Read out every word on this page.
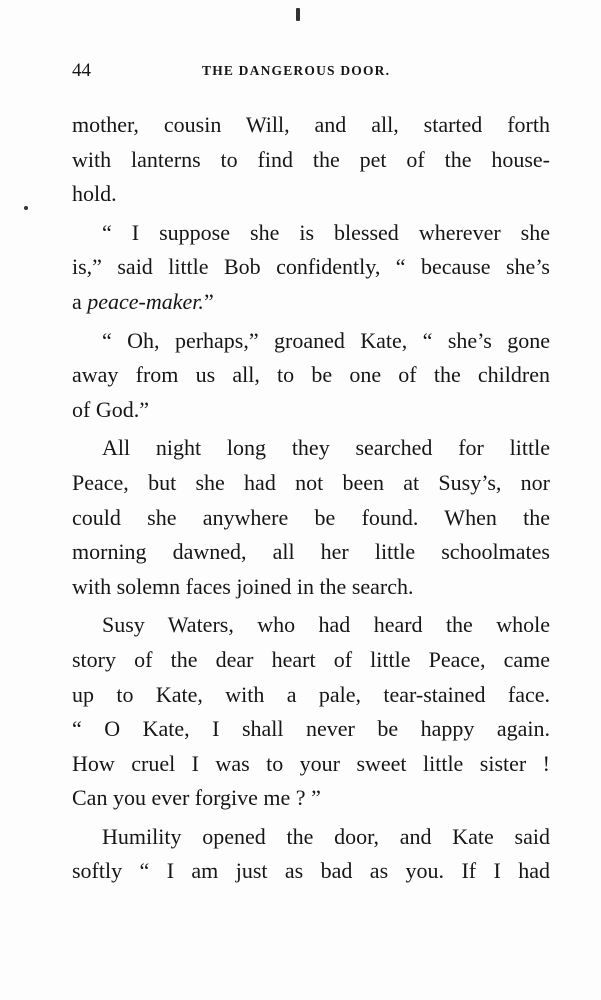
44	THE DANGEROUS DOOR.
mother, cousin Will, and all, started forth
with lanterns to find the pet of the house-
hold.
“ I suppose she is blessed wherever she
is,” said little Bob confidently, “ because she’s
a peace-maker.”
“ Oh, perhaps,” groaned Kate, “ she’s gone
away from us all, to be one of the children
of God.”
All night long they searched for little
Peace, but she had not been at Susy’s, nor
could she anywhere be found. When the
morning dawned, all her little schoolmates
with solemn faces joined in the search.
Susy Waters, who had heard the whole
story of the dear heart of little Peace, came
up to Kate, with a pale, tear-stained face.
“ O Kate, I shall never be happy again.
How cruel I was to your sweet little sister !
Can you ever forgive me ? ”
Humility opened the door, and Kate said
softly “ I am just as bad as you. If I had
